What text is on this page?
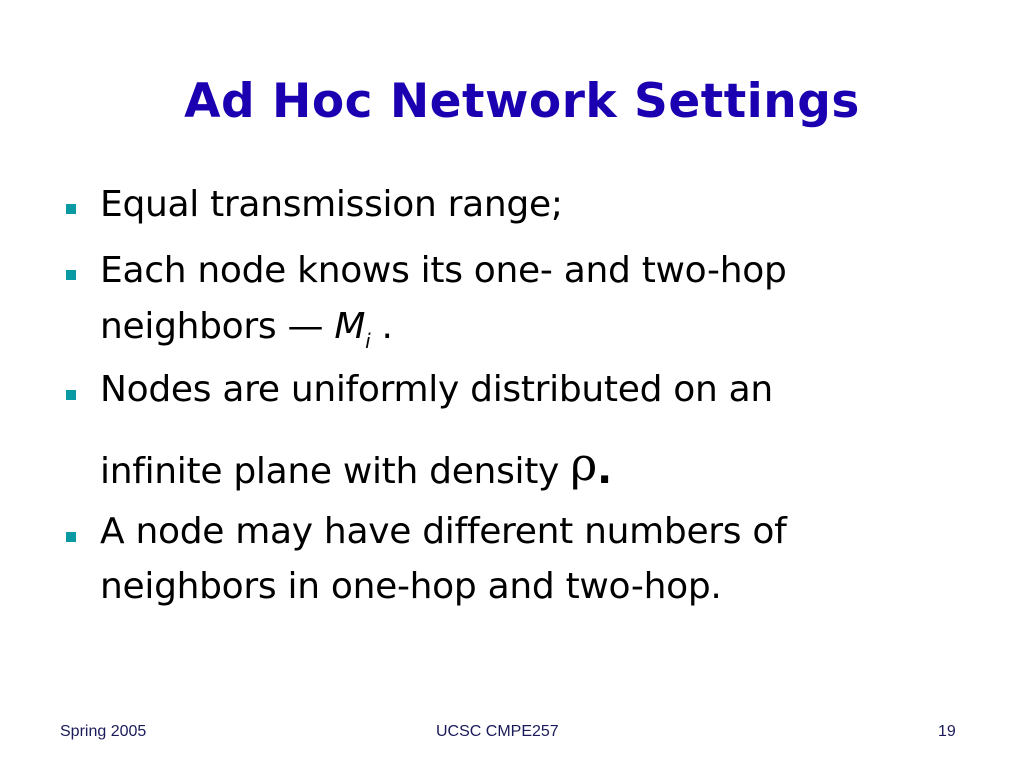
Ad Hoc Network Settings
Equal transmission range;
Each node knows its one- and two-hop
neighbors — $M_i$ .
Nodes are uniformly distributed on an
infinite plane with density ρ.
A node may have different numbers of
neighbors in one-hop and two-hop.
Spring 2005	UCSC CMPE257	19
